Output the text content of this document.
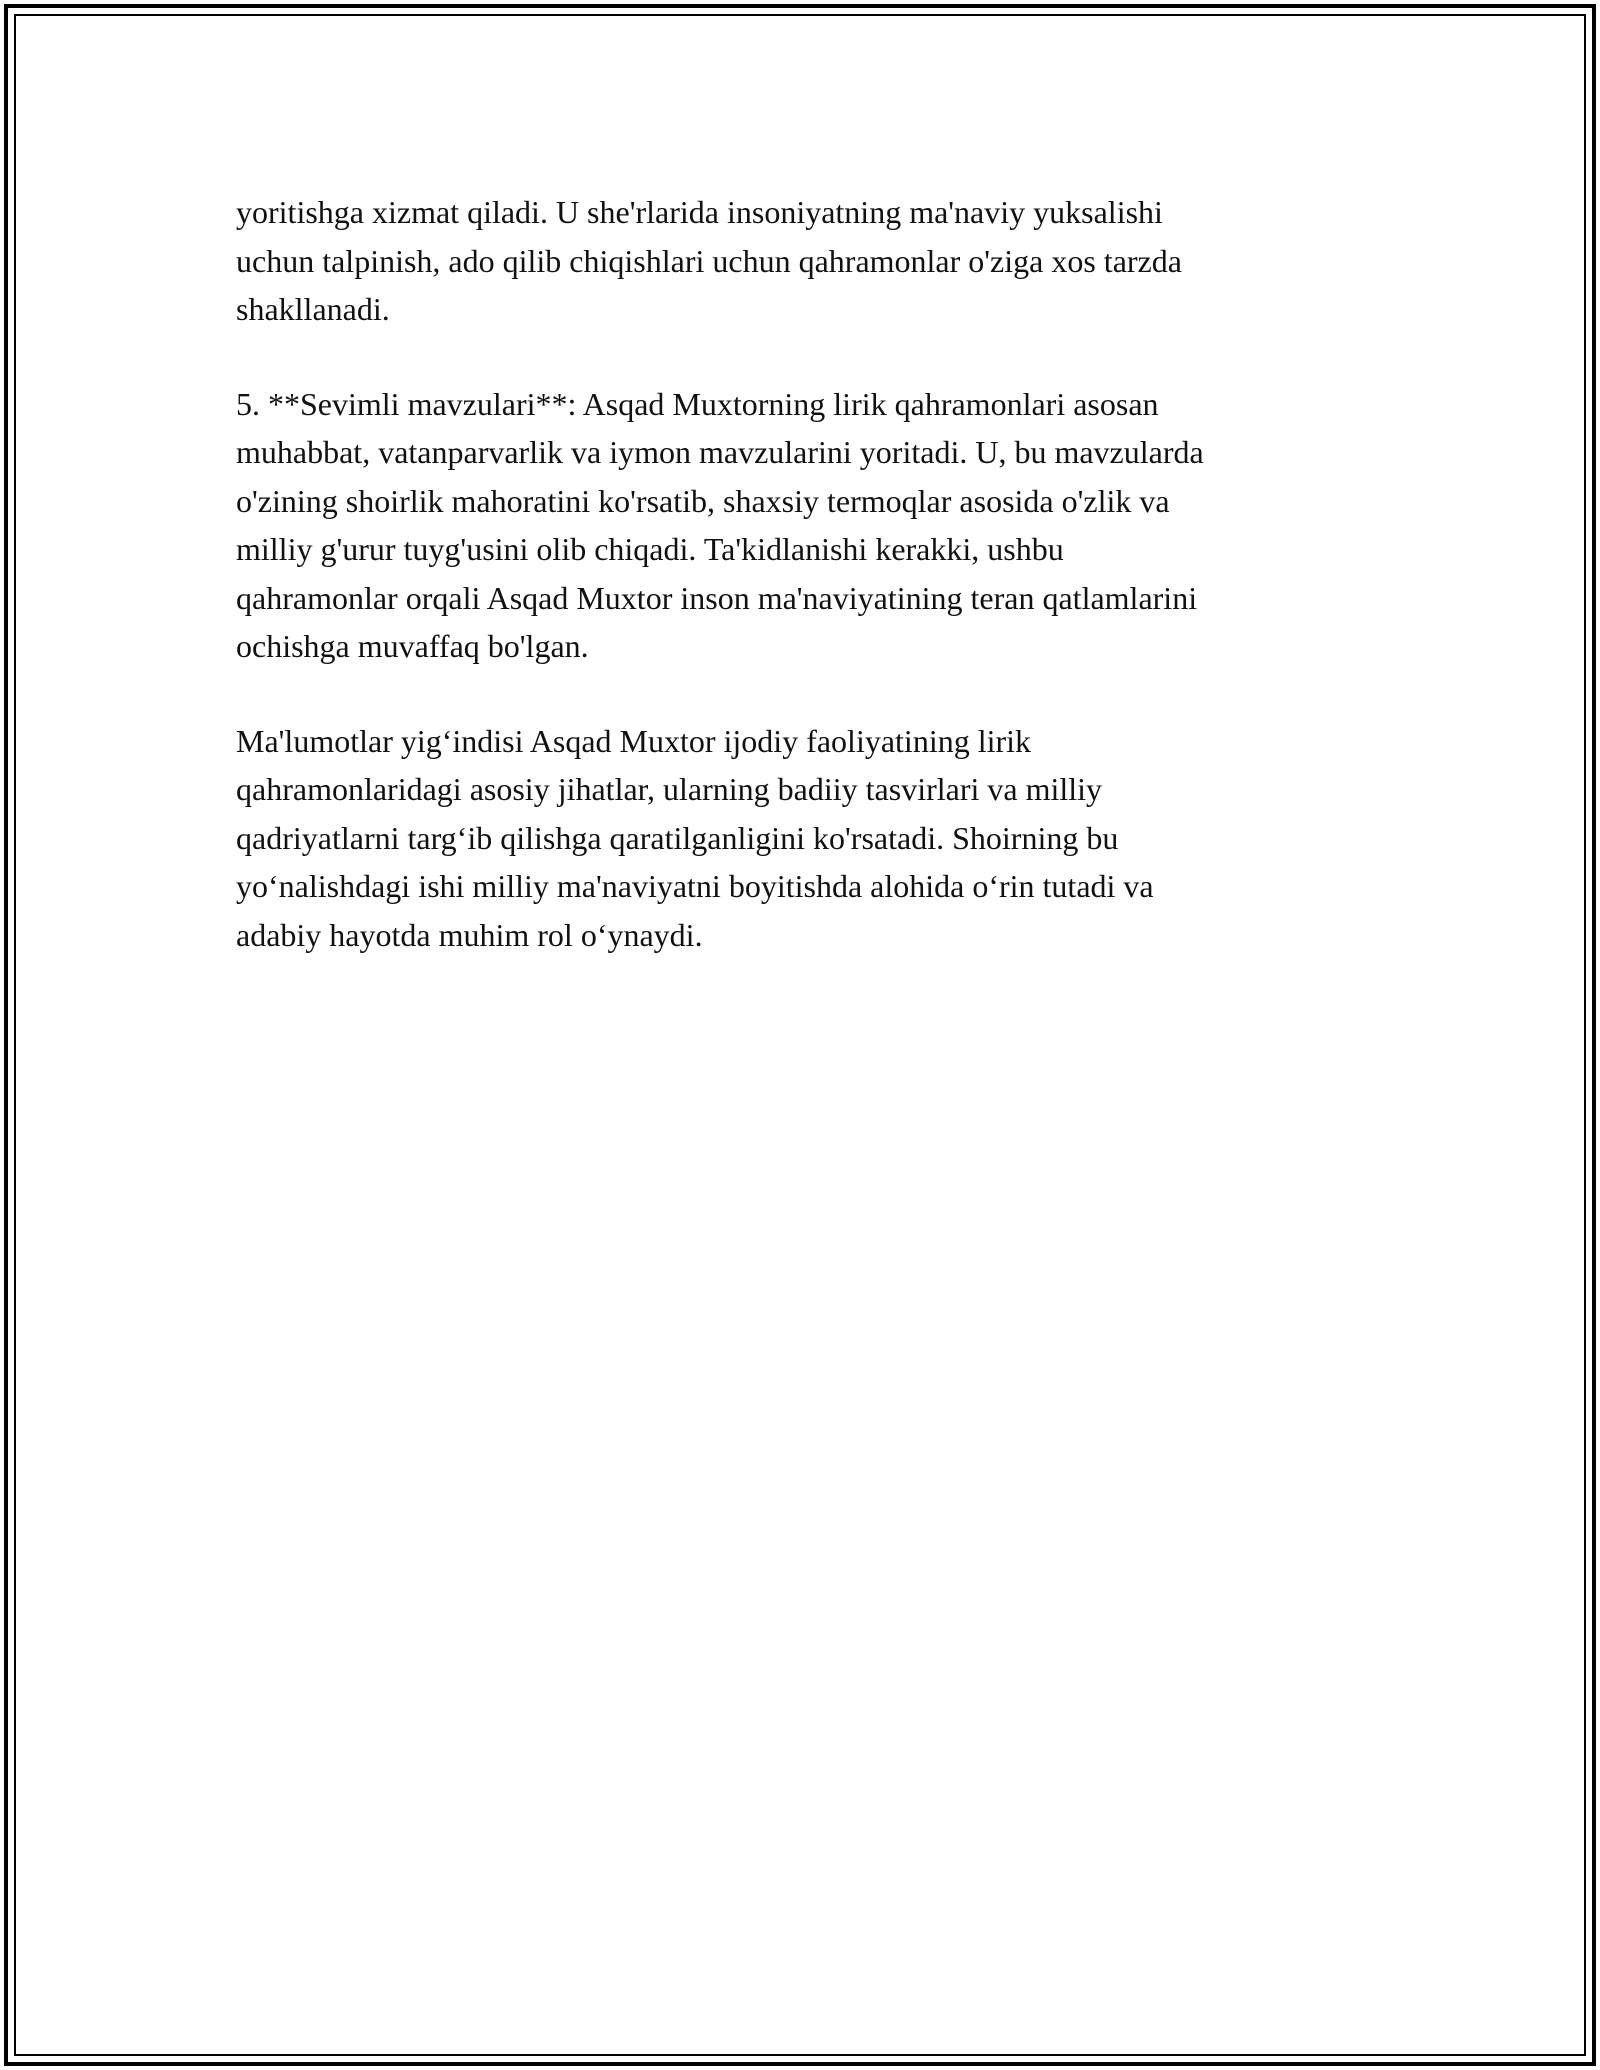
yoritishga xizmat qiladi. U she'rlarida insoniyatning ma'naviy yuksalishi
uchun talpinish, ado qilib chiqishlari uchun qahramonlar o'ziga xos tarzda
shakllanadi.

5. **Sevimli mavzulari**: Asqad Muxtorning lirik qahramonlari asosan
muhabbat, vatanparvarlik va iymon mavzularini yoritadi. U, bu mavzularda
o'zining shoirlik mahoratini ko'rsatib, shaxsiy termoqlar asosida o'zlik va
milliy g'urur tuyg'usini olib chiqadi. Ta'kidlanishi kerakki, ushbu
qahramonlar orqali Asqad Muxtor inson ma'naviyatining teran qatlamlarini
ochishga muvaffaq bo'lgan.

Ma'lumotlar yig‘indisi Asqad Muxtor ijodiy faoliyatining lirik
qahramonlaridagi asosiy jihatlar, ularning badiiy tasvirlari va milliy
qadriyatlarni targ‘ib qilishga qaratilganligini ko'rsatadi. Shoirning bu
yo‘nalishdagi ishi milliy ma'naviyatni boyitishda alohida o‘rin tutadi va
adabiy hayotda muhim rol o‘ynaydi.
